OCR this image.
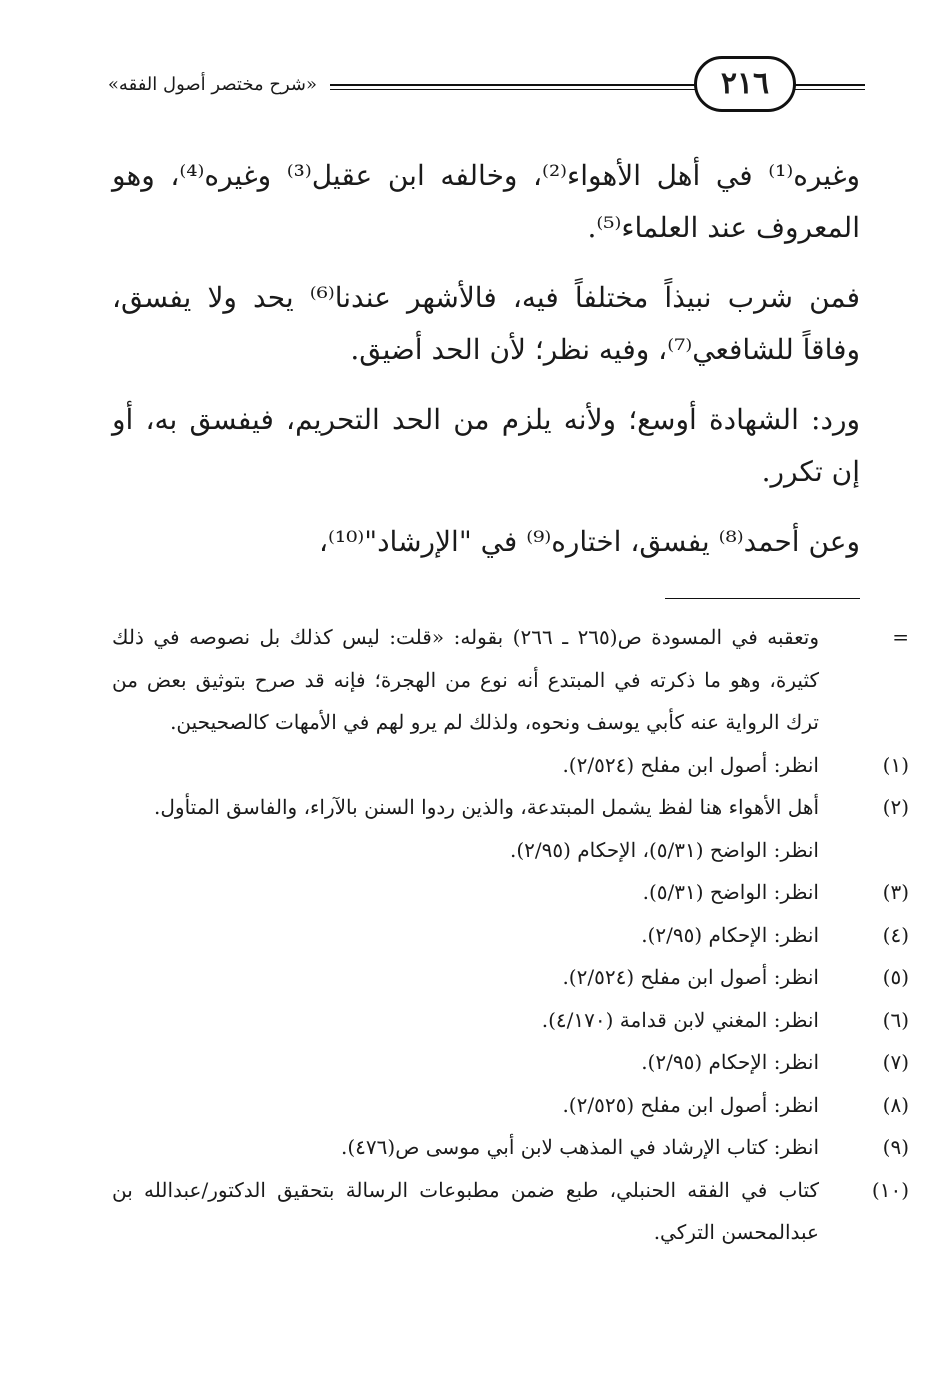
«شرح مختصر أصول الفقه»	٢١٦

وغيره⁽¹⁾ في أهل الأهواء⁽²⁾، وخالفه ابن عقيل⁽³⁾ وغيره⁽⁴⁾، وهو المعروف عند العلماء⁽⁵⁾.

فمن شرب نبيذاً مختلفاً فيه، فالأشهر عندنا⁽⁶⁾ يحد ولا يفسق، وفاقاً للشافعي⁽⁷⁾، وفيه نظر؛ لأن الحد أضيق.

ورد: الشهادة أوسع؛ ولأنه يلزم من الحد التحريم، فيفسق به، أو إن تكرر.

وعن أحمد⁽⁸⁾ يفسق، اختاره⁽⁹⁾ في "الإرشاد"⁽¹⁰⁾،

=وتعقبه في المسودة ص(٢٦٥ ـ ٢٦٦) بقوله: «قلت: ليس كذلك بل نصوصه في ذلك كثيرة، وهو ما ذكرته في المبتدع أنه نوع من الهجرة؛ فإنه قد صرح بتوثيق بعض من ترك الرواية عنه كأبي يوسف ونحوه، ولذلك لم يرو لهم في الأمهات كالصحيحين.
(١)انظر: أصول ابن مفلح (٢/٥٢٤).
(٢)أهل الأهواء هنا لفظ يشمل المبتدعة، والذين ردوا السنن بالآراء، والفاسق المتأول.
انظر: الواضح (٥/٣١)، الإحكام (٢/٩٥).
(٣)انظر: الواضح (٥/٣١).
(٤)انظر: الإحكام (٢/٩٥).
(٥)انظر: أصول ابن مفلح (٢/٥٢٤).
(٦)انظر: المغني لابن قدامة (٤/١٧٠).
(٧)انظر: الإحكام (٢/٩٥).
(٨)انظر: أصول ابن مفلح (٢/٥٢٥).
(٩)انظر: كتاب الإرشاد في المذهب لابن أبي موسى ص(٤٧٦).
(١٠)كتاب في الفقه الحنبلي، طبع ضمن مطبوعات الرسالة بتحقيق الدكتور/عبدالله بن عبدالمحسن التركي.
